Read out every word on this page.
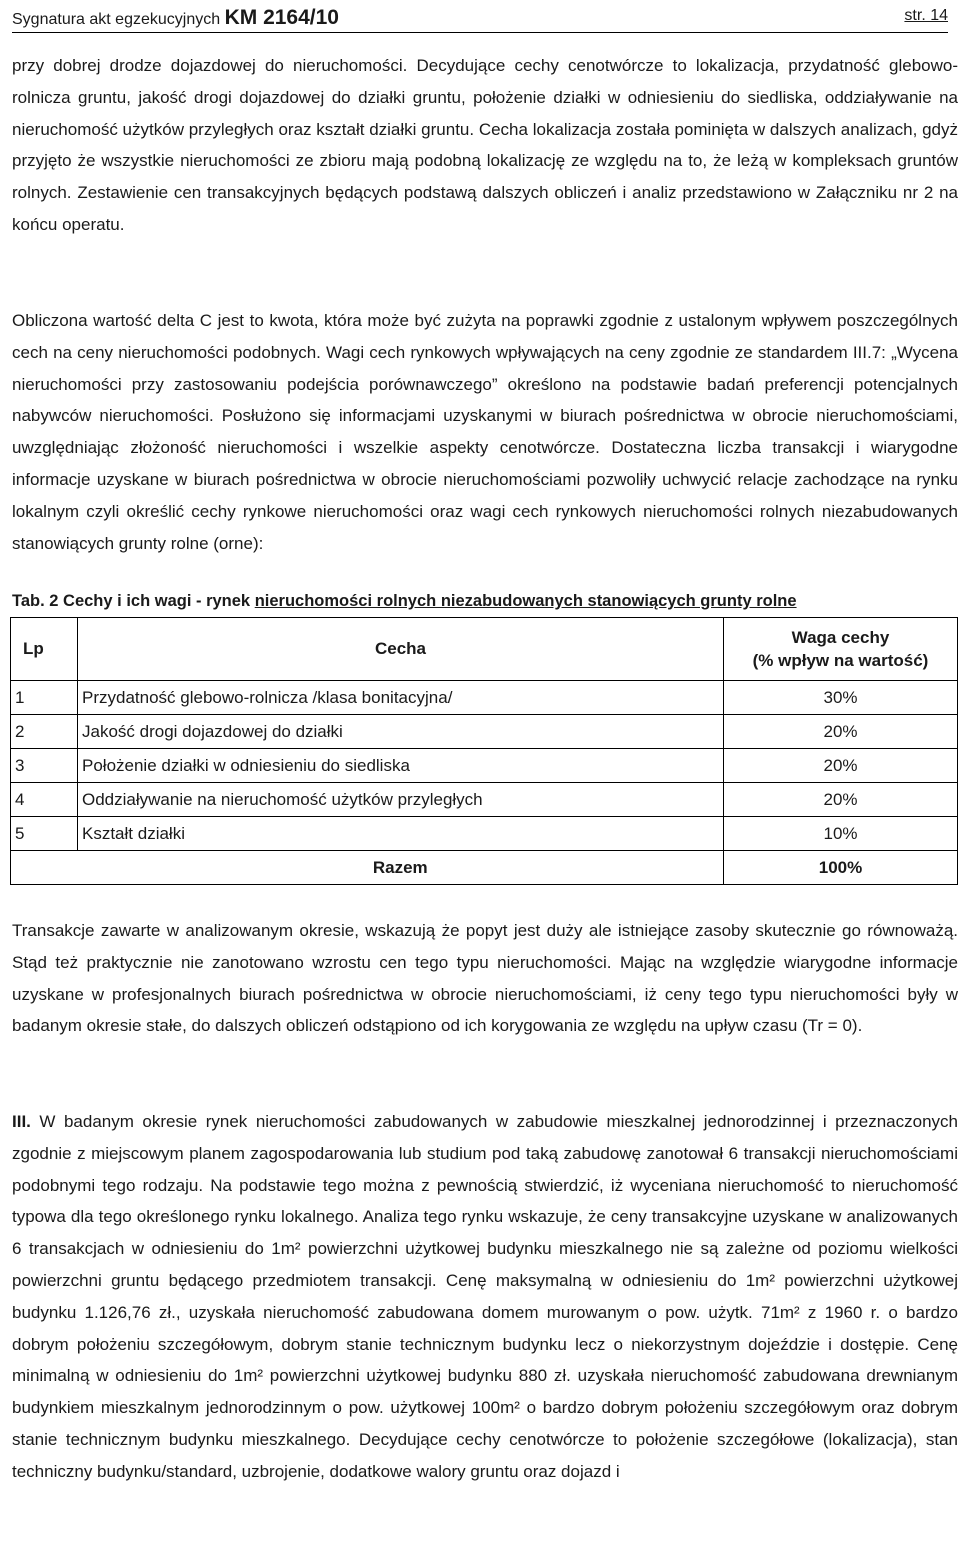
Sygnatura akt egzekucyjnych KM 2164/10	str. 14

przy dobrej drodze dojazdowej do nieruchomości. Decydujące cechy cenotwórcze to lokalizacja, przydatność glebowo-rolnicza gruntu, jakość drogi dojazdowej do działki gruntu, położenie działki w odniesieniu do siedliska, oddziaływanie na nieruchomość użytków przyległych oraz kształt działki gruntu. Cecha lokalizacja została pominięta w dalszych analizach, gdyż przyjęto że wszystkie nieruchomości ze zbioru mają podobną lokalizację ze względu na to, że leżą w kompleksach gruntów rolnych. Zestawienie cen transakcyjnych będących podstawą dalszych obliczeń i analiz przedstawiono w Załączniku nr 2 na końcu operatu.

Obliczona wartość delta C jest to kwota, która może być zużyta na poprawki zgodnie z ustalonym wpływem poszczególnych cech na ceny nieruchomości podobnych. Wagi cech rynkowych wpływających na ceny zgodnie ze standardem III.7: „Wycena nieruchomości przy zastosowaniu podejścia porównawczego” określono na podstawie badań preferencji potencjalnych nabywców nieruchomości. Posłużono się informacjami uzyskanymi w biurach pośrednictwa w obrocie nieruchomościami, uwzględniając złożoność nieruchomości i wszelkie aspekty cenotwórcze. Dostateczna liczba transakcji i wiarygodne informacje uzyskane w biurach pośrednictwa w obrocie nieruchomościami pozwoliły uchwycić relacje zachodzące na rynku lokalnym czyli określić cechy rynkowe nieruchomości oraz wagi cech rynkowych nieruchomości rolnych niezabudowanych stanowiących grunty rolne (orne):

Tab. 2 Cechy i ich wagi - rynek nieruchomości rolnych niezabudowanych stanowiących grunty rolne
Lp	Cecha	Waga cechy
(% wpływ na wartość)
1	Przydatność glebowo-rolnicza /klasa bonitacyjna/	30%
2	Jakość drogi dojazdowej do działki	20%
3	Położenie działki w odniesieniu do siedliska	20%
4	Oddziaływanie na nieruchomość użytków przyległych	20%
5	Kształt działki	10%
	Razem	100%

Transakcje zawarte w analizowanym okresie, wskazują że popyt jest duży ale istniejące zasoby skutecznie go równoważą. Stąd też praktycznie nie zanotowano wzrostu cen tego typu nieruchomości. Mając na względzie wiarygodne informacje uzyskane w profesjonalnych biurach pośrednictwa w obrocie nieruchomościami, iż ceny tego typu nieruchomości były w badanym okresie stałe, do dalszych obliczeń odstąpiono od ich korygowania ze względu na upływ czasu (Tr = 0).

III. W badanym okresie rynek nieruchomości zabudowanych w zabudowie mieszkalnej jednorodzinnej i przeznaczonych zgodnie z miejscowym planem zagospodarowania lub studium pod taką zabudowę zanotował 6 transakcji nieruchomościami podobnymi tego rodzaju. Na podstawie tego można z pewnością stwierdzić, iż wyceniana nieruchomość to nieruchomość typowa dla tego określonego rynku lokalnego. Analiza tego rynku wskazuje, że ceny transakcyjne uzyskane w analizowanych 6 transakcjach w odniesieniu do 1m² powierzchni użytkowej budynku mieszkalnego nie są zależne od poziomu wielkości powierzchni gruntu będącego przedmiotem transakcji. Cenę maksymalną w odniesieniu do 1m² powierzchni użytkowej budynku 1.126,76 zł., uzyskała nieruchomość zabudowana domem murowanym o pow. użytk. 71m² z 1960 r. o bardzo dobrym położeniu szczegółowym, dobrym stanie technicznym budynku lecz o niekorzystnym dojeździe i dostępie. Cenę minimalną w odniesieniu do 1m² powierzchni użytkowej budynku 880 zł. uzyskała nieruchomość zabudowana drewnianym budynkiem mieszkalnym jednorodzinnym o pow. użytkowej 100m² o bardzo dobrym położeniu szczegółowym oraz dobrym stanie technicznym budynku mieszkalnego. Decydujące cechy cenotwórcze to położenie szczegółowe (lokalizacja), stan techniczny budynku/standard, uzbrojenie, dodatkowe walory gruntu oraz dojazd i
